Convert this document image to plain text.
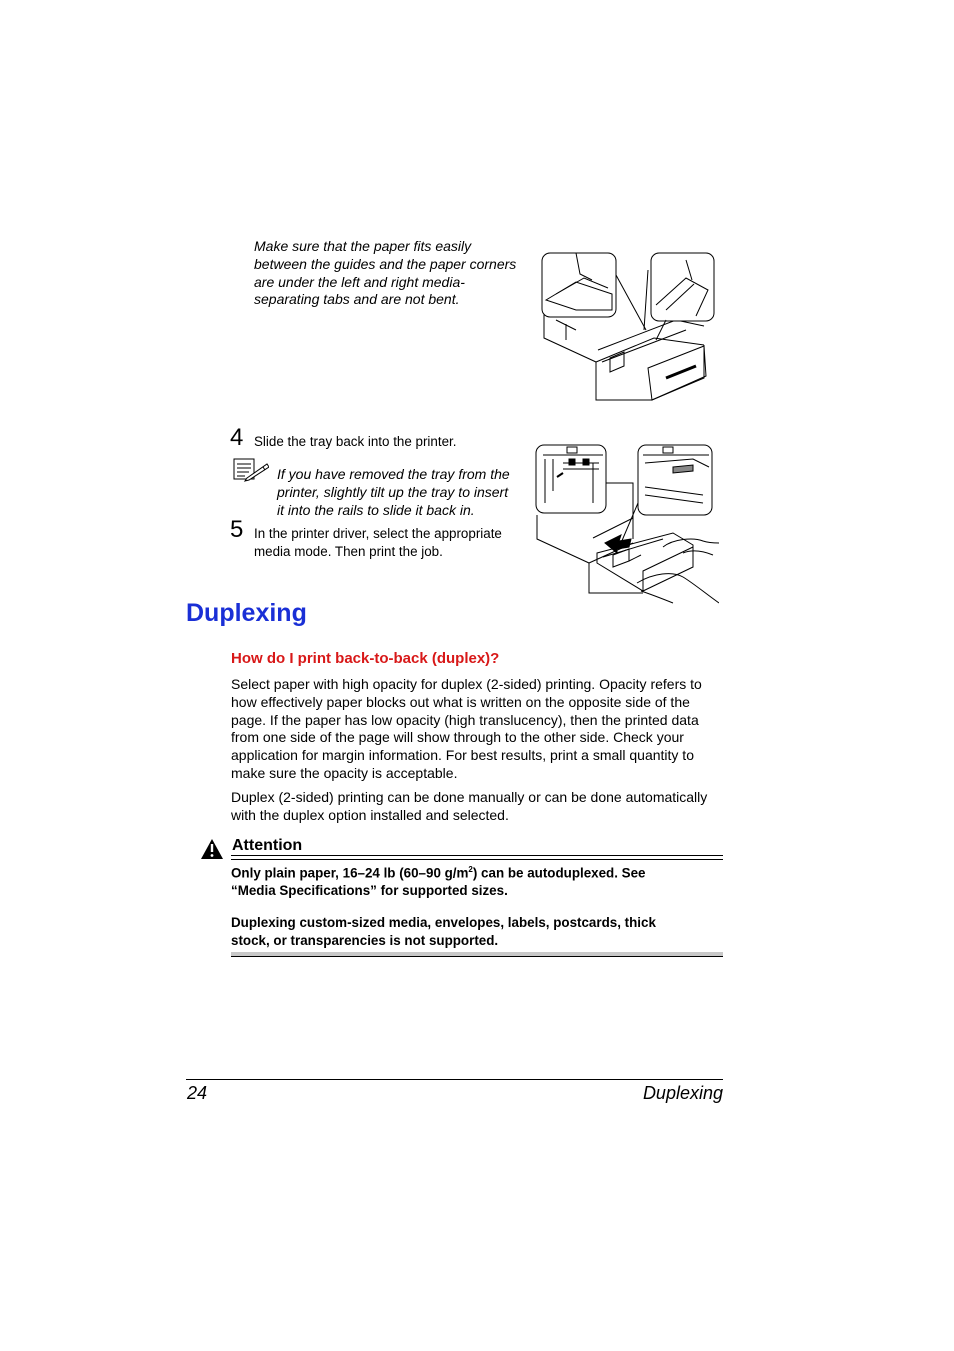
Make sure that the paper fits easily
between the guides and the paper corners
are under the left and right media-
separating tabs and are not bent.
4 Slide the tray back into the printer.
If you have removed the tray from the
printer, slightly tilt up the tray to insert
it into the rails to slide it back in.
5 In the printer driver, select the appropriate
media mode. Then print the job.
Duplexing
How do I print back-to-back (duplex)?
Select paper with high opacity for duplex (2-sided) printing. Opacity refers to
how effectively paper blocks out what is written on the opposite side of the
page. If the paper has low opacity (high translucency), then the printed data
from one side of the page will show through to the other side. Check your
application for margin information. For best results, print a small quantity to
make sure the opacity is acceptable.
Duplex (2-sided) printing can be done manually or can be done automatically
with the duplex option installed and selected.
Attention
Only plain paper, 16–24 lb (60–90 $g/m^2$) can be autoduplexed. See
“Media Specifications” for supported sizes.
Duplexing custom-sized media, envelopes, labels, postcards, thick
stock, or transparencies is not supported.
24	Duplexing
